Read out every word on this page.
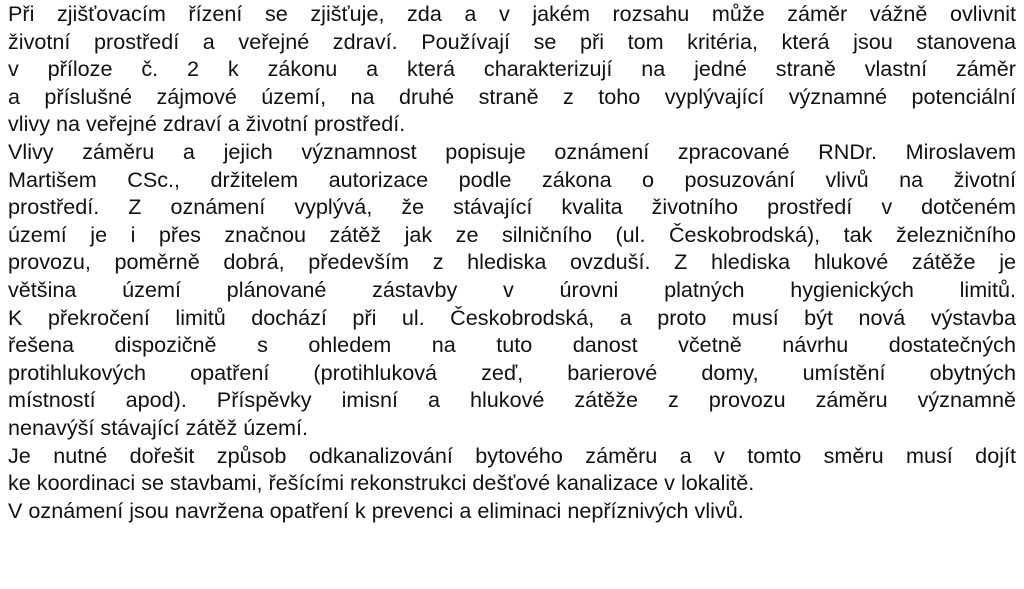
Při zjišťovacím řízení se zjišťuje, zda a v jakém rozsahu může záměr vážně ovlivnit
životní prostředí a veřejné zdraví. Používají se při tom kritéria, která jsou stanovena
v příloze č. 2 k zákonu a která charakterizují na jedné straně vlastní záměr
a příslušné zájmové území, na druhé straně z toho vyplývající významné potenciální
vlivy na veřejné zdraví a životní prostředí.
Vlivy záměru a jejich významnost popisuje oznámení zpracované RNDr. Miroslavem
Martišem CSc., držitelem autorizace podle zákona o posuzování vlivů na životní
prostředí. Z oznámení vyplývá, že stávající kvalita životního prostředí v dotčeném
území je i přes značnou zátěž jak ze silničního (ul. Českobrodská), tak železničního
provozu, poměrně dobrá, především z hlediska ovzduší. Z hlediska hlukové zátěže je
většina území plánované zástavby v úrovni platných hygienických limitů.
K překročení limitů dochází při ul. Českobrodská, a proto musí být nová výstavba
řešena dispozičně s ohledem na tuto danost včetně návrhu dostatečných
protihlukových opatření (protihluková zeď, barierové domy, umístění obytných
místností apod). Příspěvky imisní a hlukové zátěže z provozu záměru významně
nenavýší stávající zátěž území.
Je nutné dořešit způsob odkanalizování bytového záměru a v tomto směru musí dojít
ke koordinaci se stavbami, řešícími rekonstrukci dešťové kanalizace v lokalitě.
V oznámení jsou navržena opatření k prevenci a eliminaci nepříznivých vlivů.
